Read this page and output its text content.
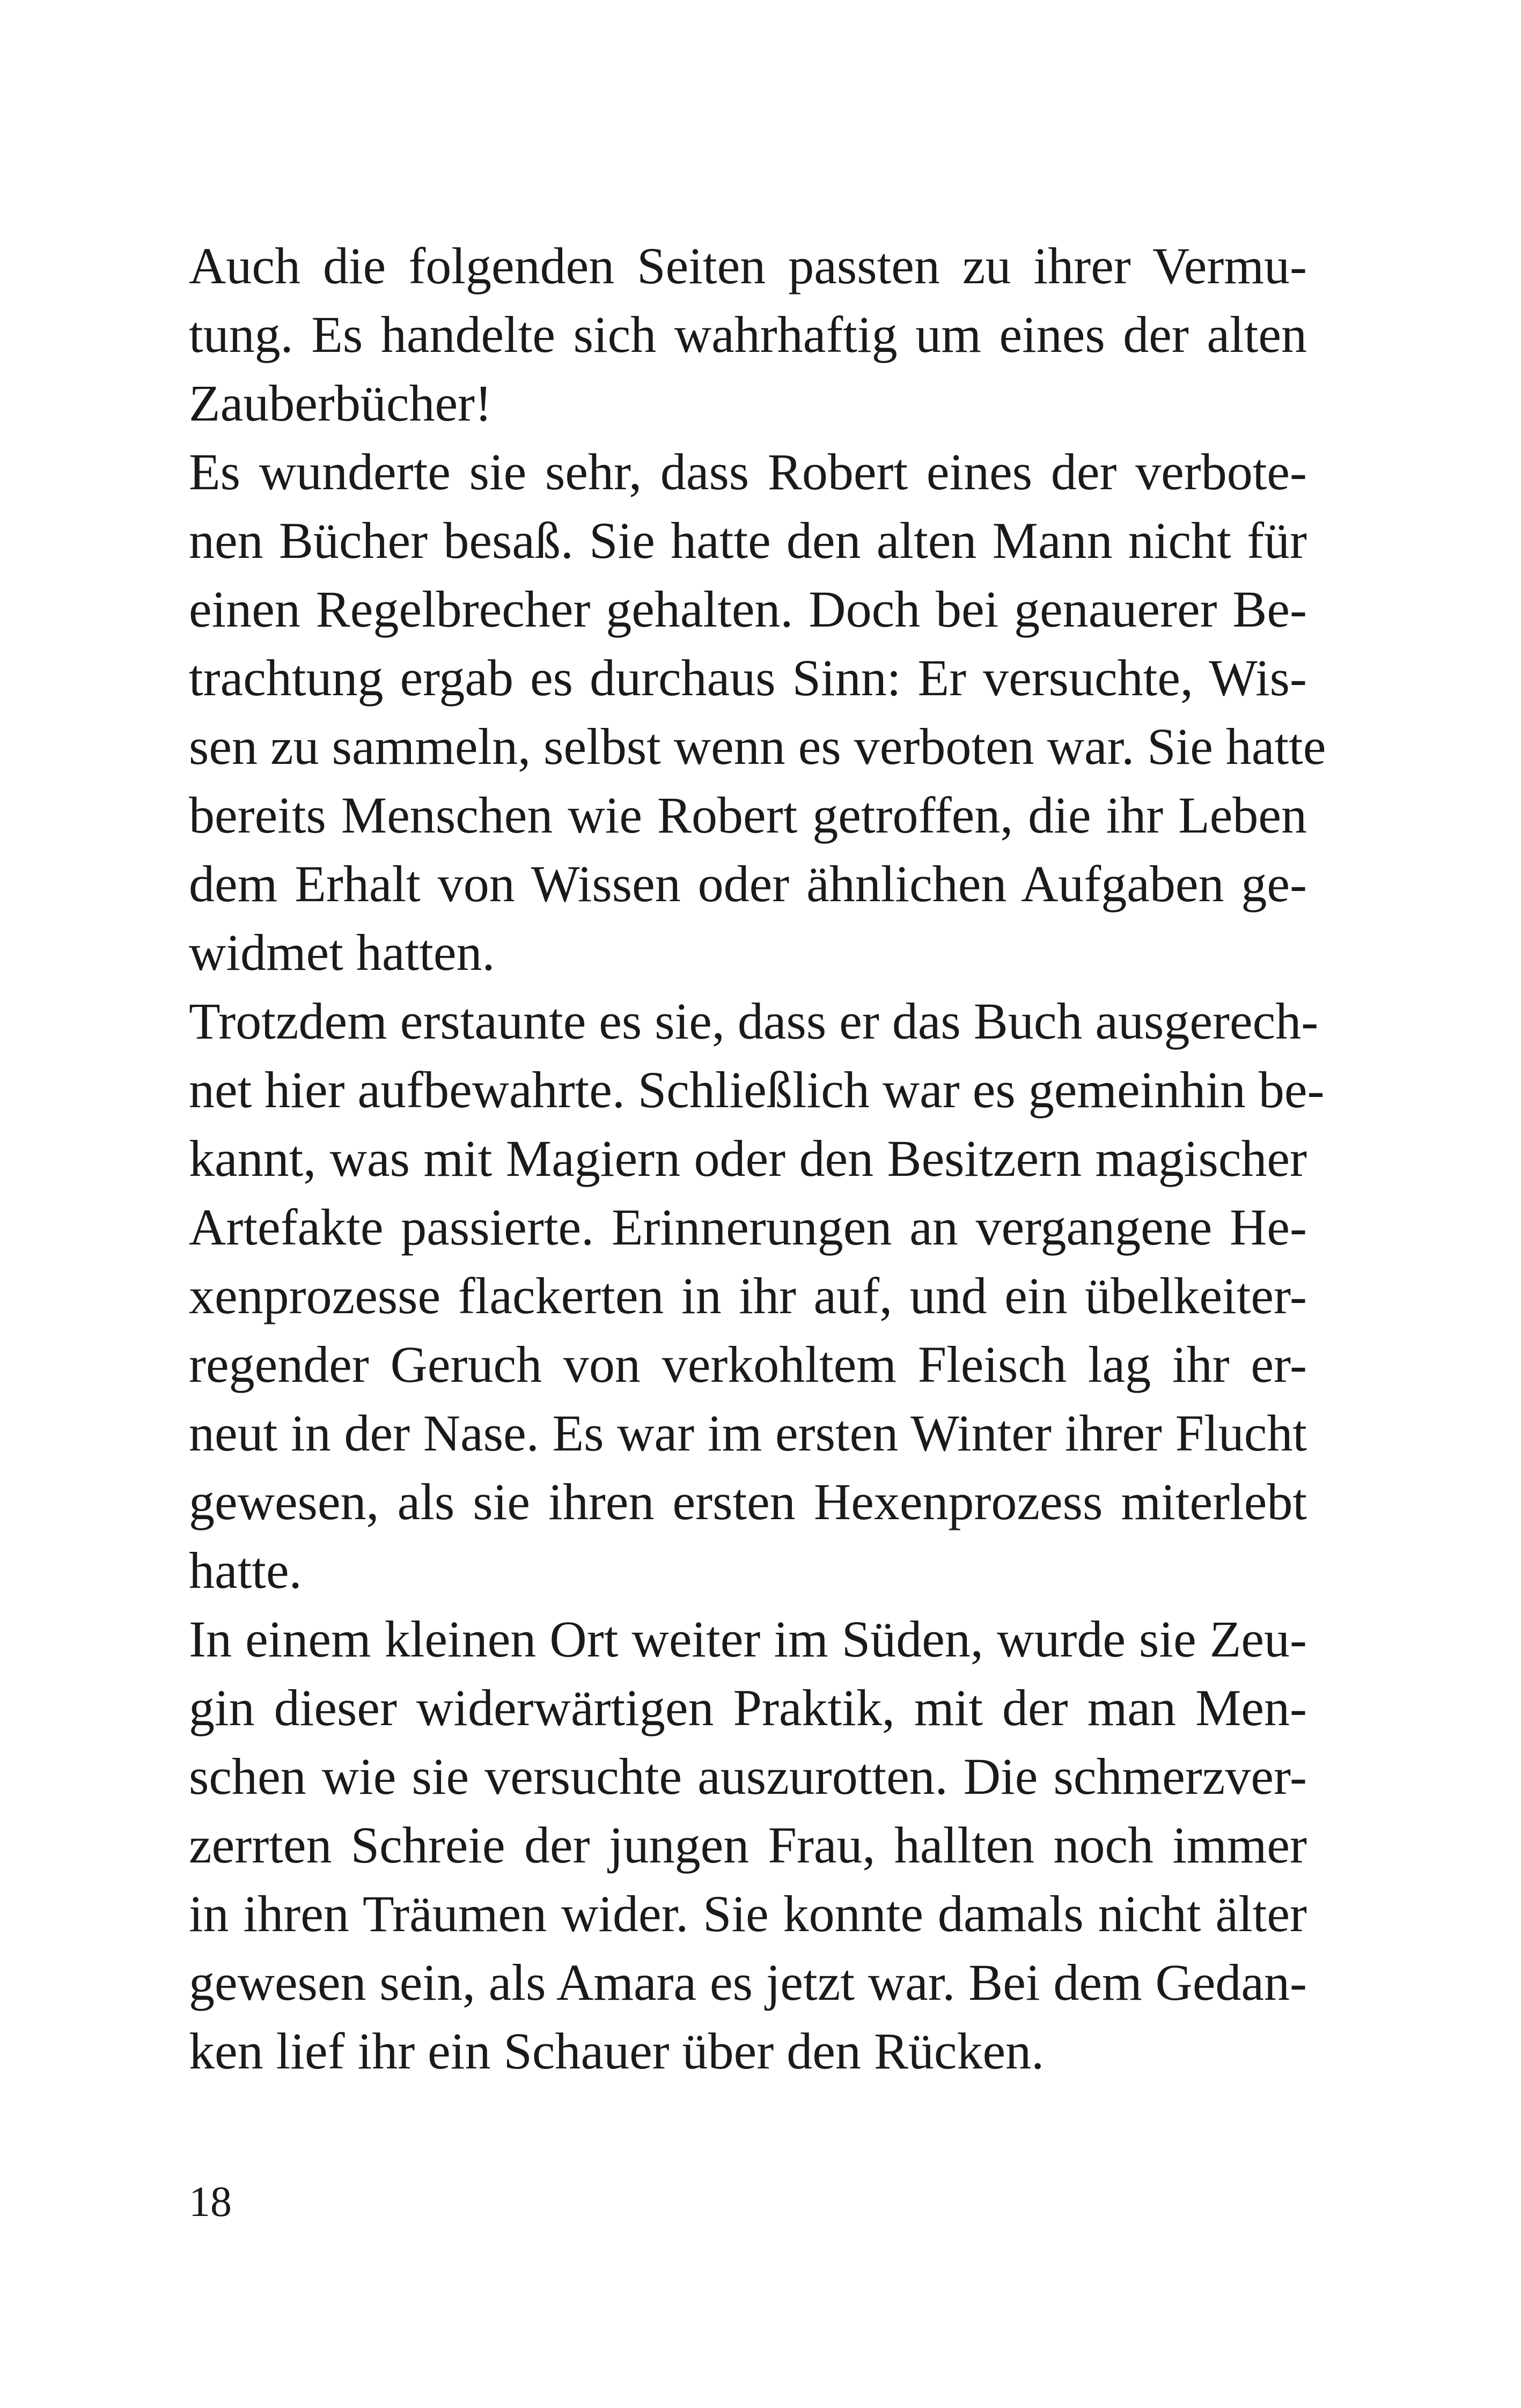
Auch die folgenden Seiten passten zu ihrer Vermu-
tung. Es handelte sich wahrhaftig um eines der alten
Zauberbücher!
Es wunderte sie sehr, dass Robert eines der verbote-
nen Bücher besaß. Sie hatte den alten Mann nicht für
einen Regelbrecher gehalten. Doch bei genauerer Be-
trachtung ergab es durchaus Sinn: Er versuchte, Wis-
sen zu sammeln, selbst wenn es verboten war. Sie hatte
bereits Menschen wie Robert getroffen, die ihr Leben
dem Erhalt von Wissen oder ähnlichen Aufgaben ge-
widmet hatten.
Trotzdem erstaunte es sie, dass er das Buch ausgerech-
net hier aufbewahrte. Schließlich war es gemeinhin be-
kannt, was mit Magiern oder den Besitzern magischer
Artefakte passierte. Erinnerungen an vergangene He-
xenprozesse flackerten in ihr auf, und ein übelkeiter-
regender Geruch von verkohltem Fleisch lag ihr er-
neut in der Nase. Es war im ersten Winter ihrer Flucht
gewesen, als sie ihren ersten Hexenprozess miterlebt
hatte.
In einem kleinen Ort weiter im Süden, wurde sie Zeu-
gin dieser widerwärtigen Praktik, mit der man Men-
schen wie sie versuchte auszurotten. Die schmerzver-
zerrten Schreie der jungen Frau, hallten noch immer
in ihren Träumen wider. Sie konnte damals nicht älter
gewesen sein, als Amara es jetzt war. Bei dem Gedan-
ken lief ihr ein Schauer über den Rücken.
18
